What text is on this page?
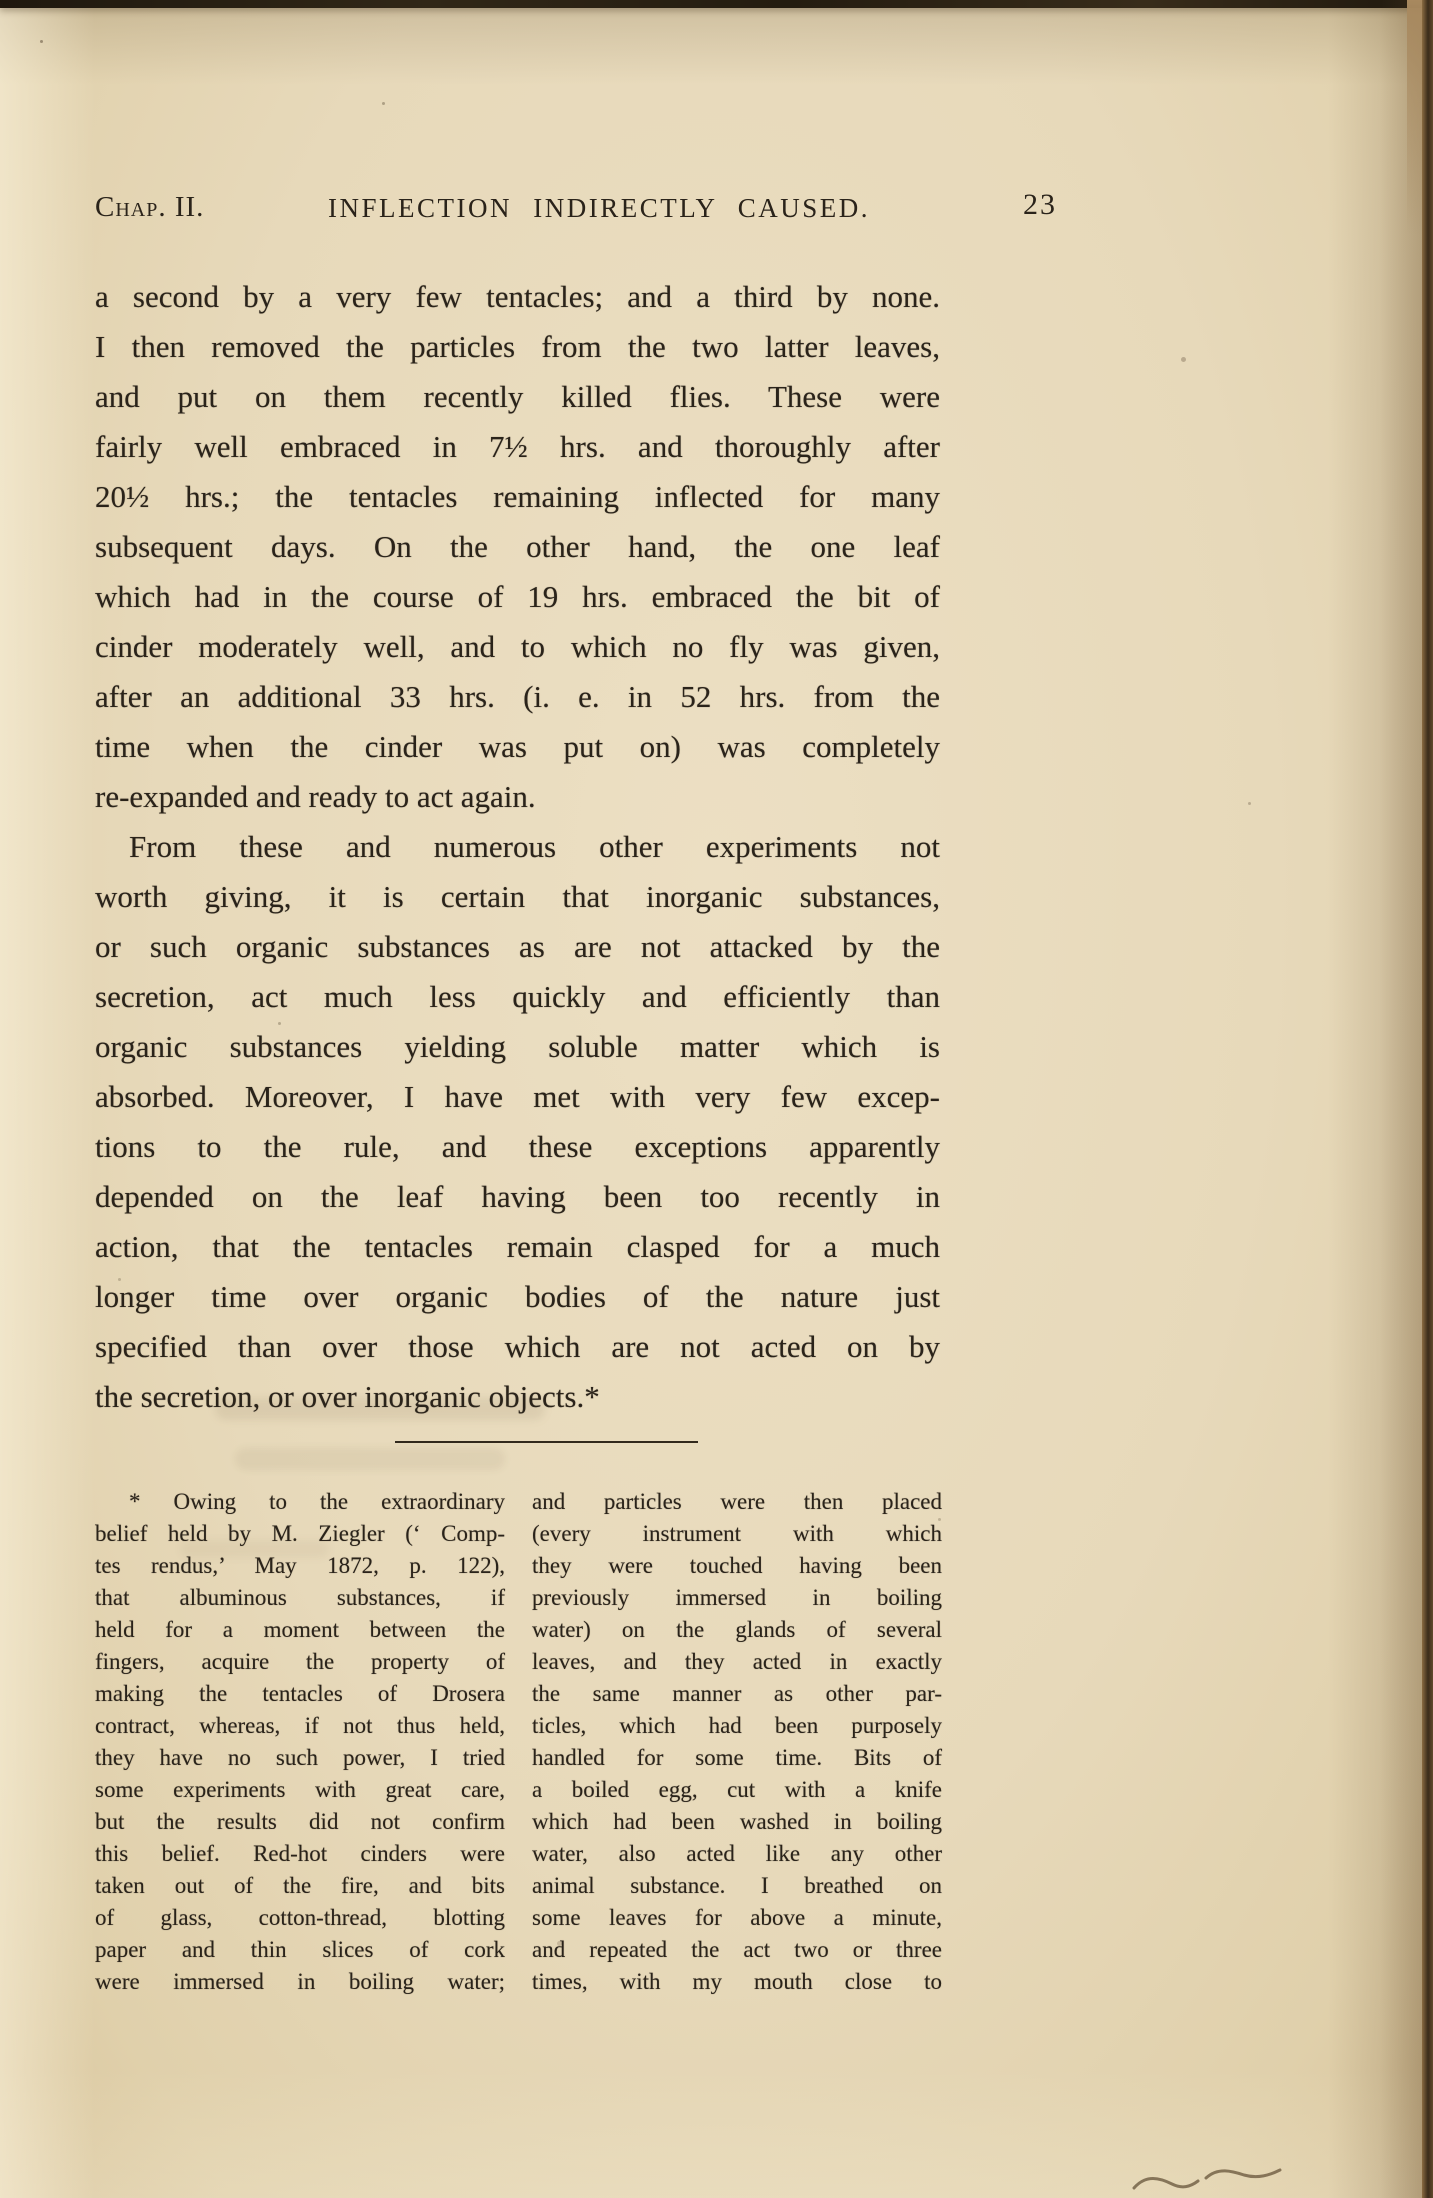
Chap. II.	INFLECTION INDIRECTLY CAUSED.	23
a second by a very few tentacles; and a third by none.
I then removed the particles from the two latter leaves,
and put on them recently killed flies. These were
fairly well embraced in 7½ hrs. and thoroughly after
20½ hrs.; the tentacles remaining inflected for many
subsequent days. On the other hand, the one leaf
which had in the course of 19 hrs. embraced the bit of
cinder moderately well, and to which no fly was given,
after an additional 33 hrs. (i. e. in 52 hrs. from the
time when the cinder was put on) was completely
re-expanded and ready to act again.
From these and numerous other experiments not
worth giving, it is certain that inorganic substances,
or such organic substances as are not attacked by the
secretion, act much less quickly and efficiently than
organic substances yielding soluble matter which is
absorbed. Moreover, I have met with very few excep-
tions to the rule, and these exceptions apparently
depended on the leaf having been too recently in
action, that the tentacles remain clasped for a much
longer time over organic bodies of the nature just
specified than over those which are not acted on by
the secretion, or over inorganic objects.*
* Owing to the extraordinary
belief held by M. Ziegler (‘ Comp-
tes rendus,’ May 1872, p. 122),
that albuminous substances, if
held for a moment between the
fingers, acquire the property of
making the tentacles of Drosera
contract, whereas, if not thus held,
they have no such power, I tried
some experiments with great care,
but the results did not confirm
this belief. Red-hot cinders were
taken out of the fire, and bits
of glass, cotton-thread, blotting
paper and thin slices of cork
were immersed in boiling water;
and particles were then placed
(every instrument with which
they were touched having been
previously immersed in boiling
water) on the glands of several
leaves, and they acted in exactly
the same manner as other par-
ticles, which had been purposely
handled for some time. Bits of
a boiled egg, cut with a knife
which had been washed in boiling
water, also acted like any other
animal substance. I breathed on
some leaves for above a minute,
and repeated the act two or three
times, with my mouth close to
